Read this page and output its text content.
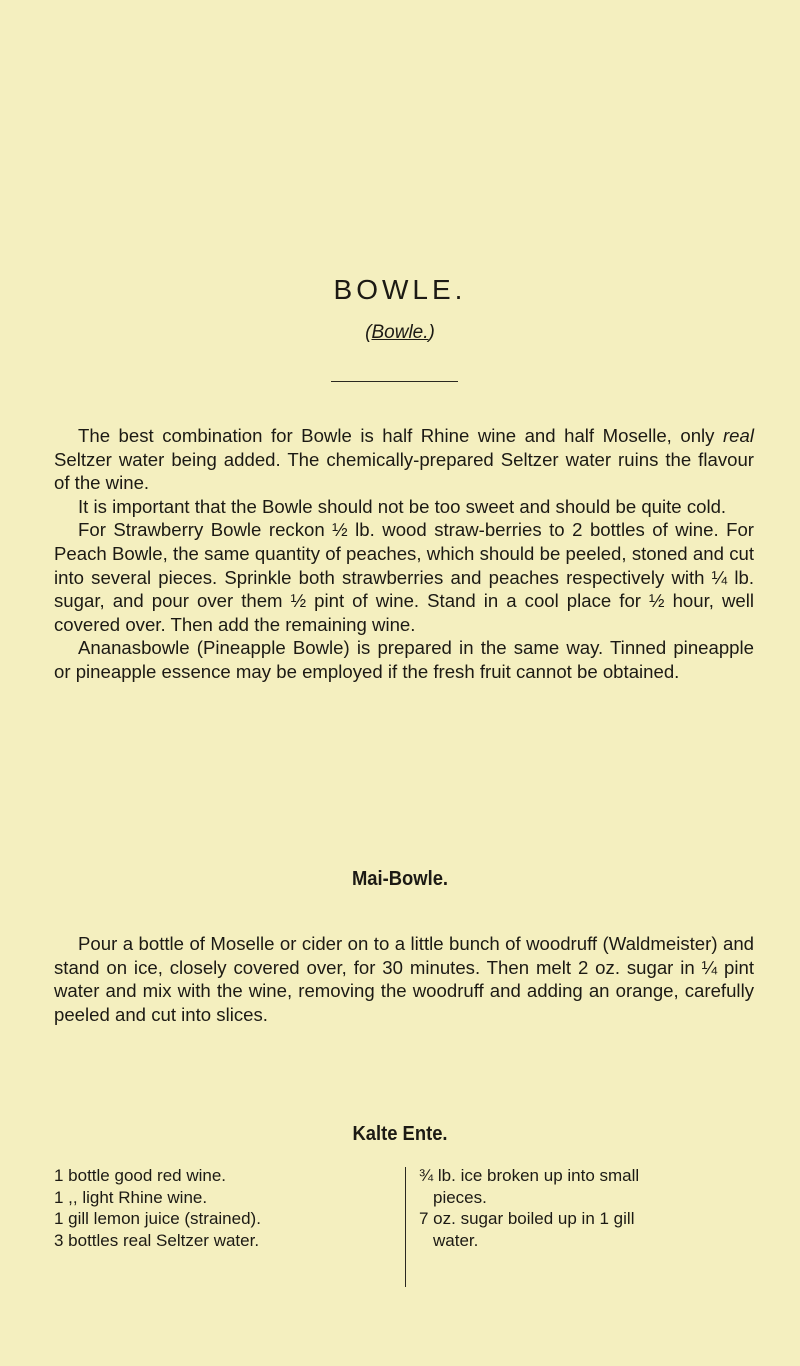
BOWLE.
(Bowle.)

The best combination for Bowle is half Rhine wine and half Moselle, only real Seltzer water being added. The chemically-prepared Seltzer water ruins the flavour of the wine.

It is important that the Bowle should not be too sweet and should be quite cold.

For Strawberry Bowle reckon ½ lb. wood straw-berries to 2 bottles of wine. For Peach Bowle, the same quantity of peaches, which should be peeled, stoned and cut into several pieces. Sprinkle both strawberries and peaches respectively with ¼ lb. sugar, and pour over them ½ pint of wine. Stand in a cool place for ½ hour, well covered over. Then add the remaining wine.

Ananasbowle (Pineapple Bowle) is prepared in the same way. Tinned pineapple or pineapple essence may be employed if the fresh fruit cannot be obtained.

Mai-Bowle.

Pour a bottle of Moselle or cider on to a little bunch of woodruff (Waldmeister) and stand on ice, closely covered over, for 30 minutes. Then melt 2 oz. sugar in ¼ pint water and mix with the wine, removing the woodruff and adding an orange, carefully peeled and cut into slices.

Kalte Ente.
1 bottle good red wine.
1 ,, light Rhine wine.
1 gill lemon juice (strained).
3 bottles real Seltzer water.
¾ lb. ice broken up into small
pieces.
7 oz. sugar boiled up in 1 gill
water.
